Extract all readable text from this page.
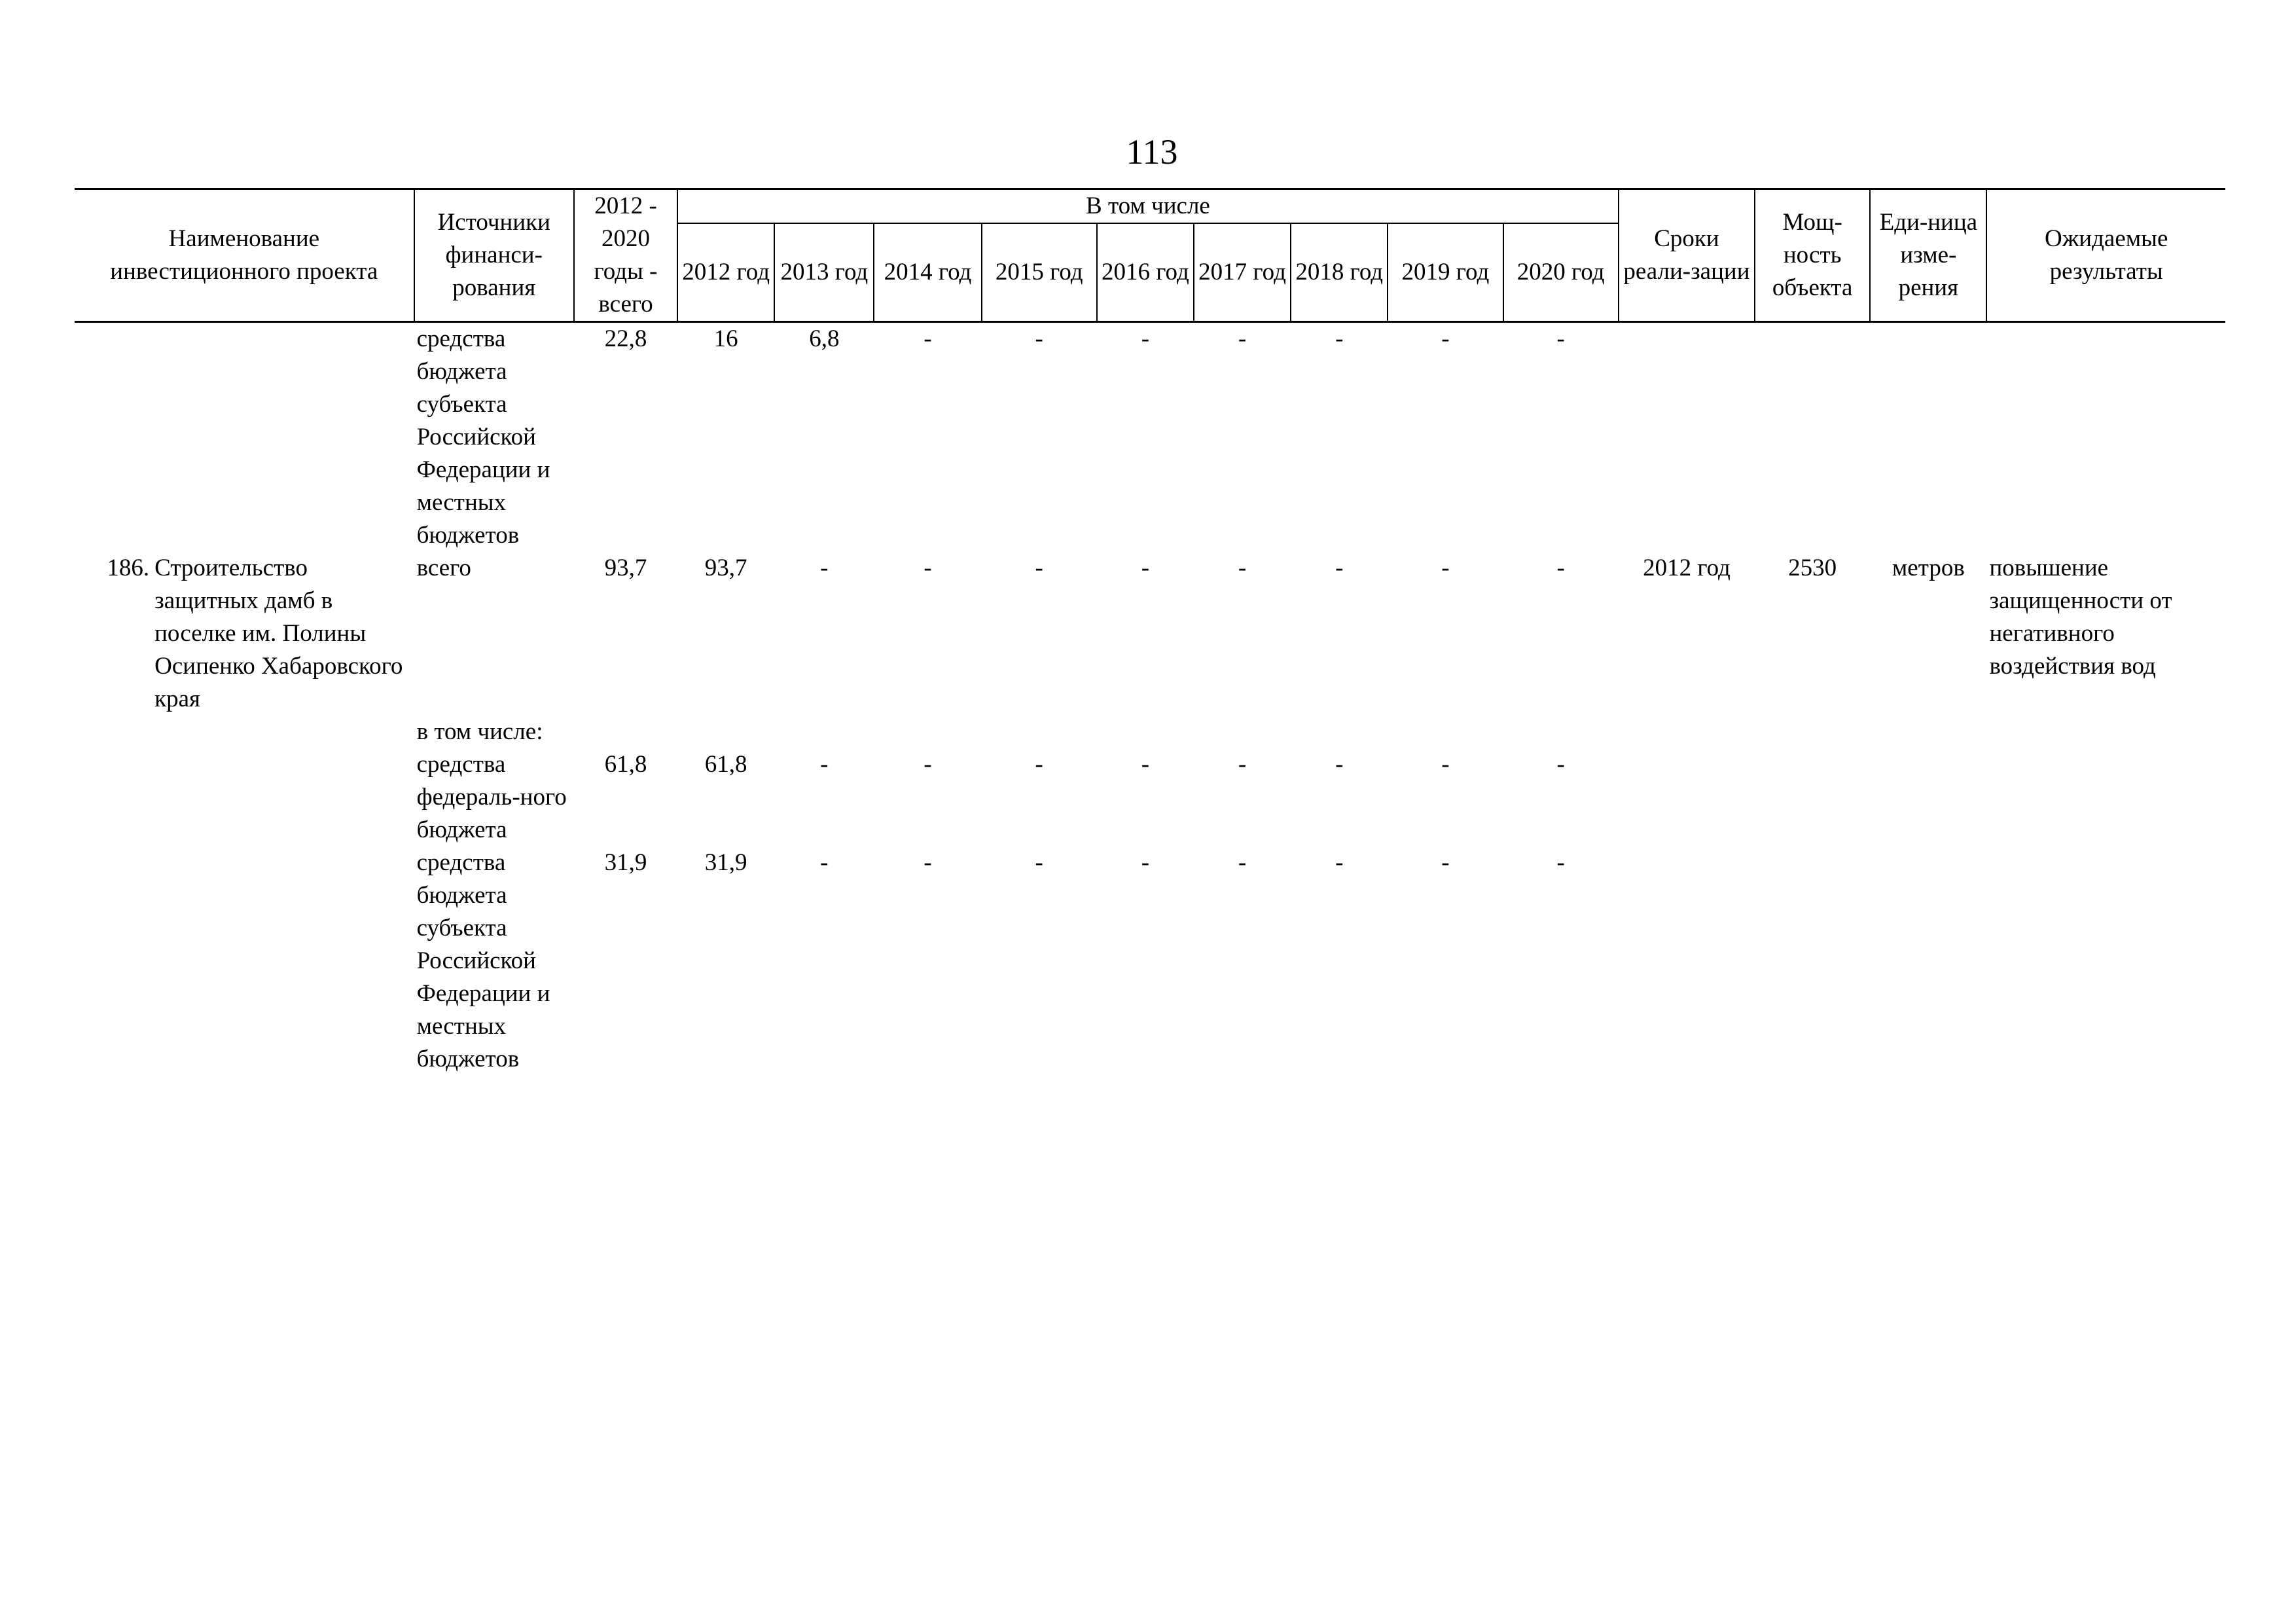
113
Наименование инвестиционного проекта		Источники финанси-рования	2012 - 2020 годы - всего	В том числе									Сроки реали-зации	Мощ-ность объекта	Еди-ница изме-рения	Ожидаемые результаты
				2012 год	2013 год	2014 год	2015 год	2016 год	2017 год	2018 год	2019 год	2020 год				
		средства бюджета субъекта Российской Федерации и местных бюджетов	22,8	16	6,8	-	-	-	-	-	-	-				
186.	Строительство защитных дамб в поселке им. Полины Осипенко Хабаровского края	всего	93,7	93,7	-	-	-	-	-	-	-	-	2012 год	2530	метров	повышение защищенности от негативного воздействия вод
		в том числе:														
		средства федераль-ного бюджета	61,8	61,8	-	-	-	-	-	-	-	-				
		средства бюджета субъекта Российской Федерации и местных бюджетов	31,9	31,9	-	-	-	-	-	-	-	-				
